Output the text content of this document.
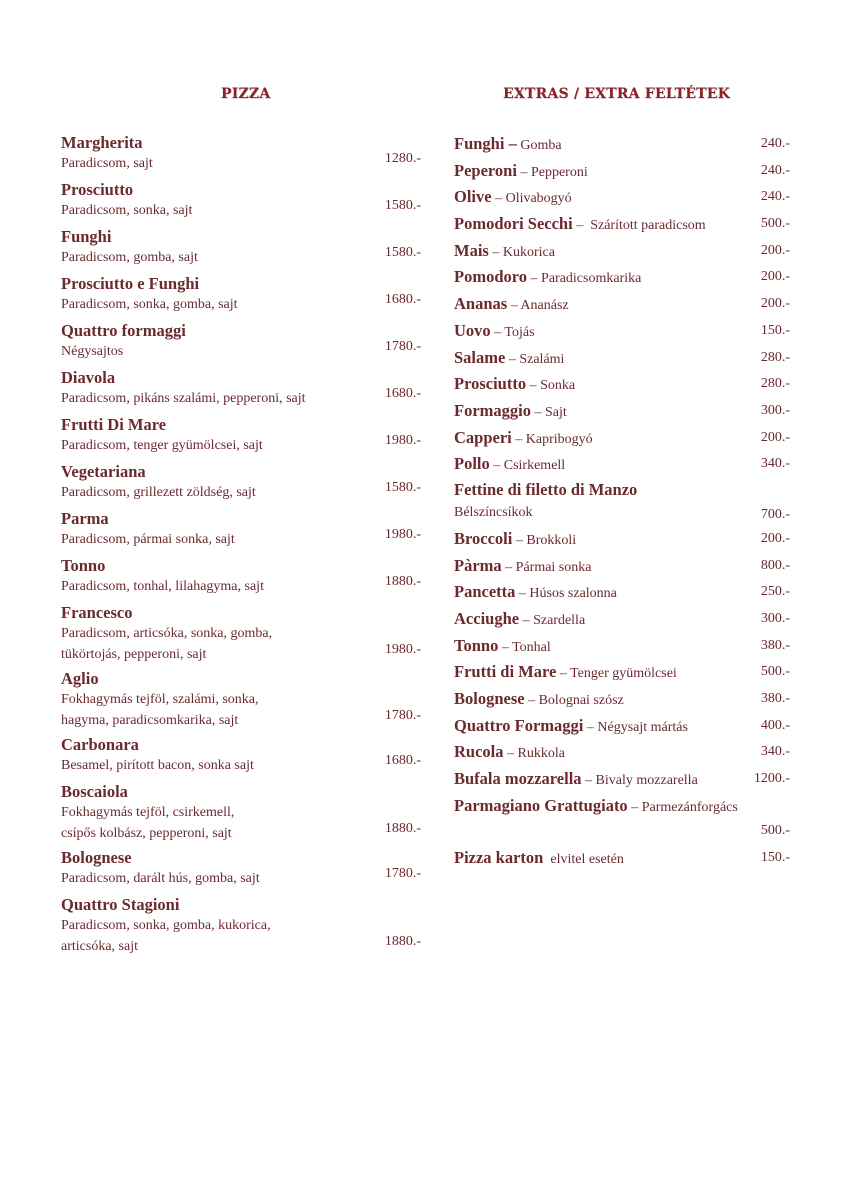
PIZZA	EXTRAS / EXTRA FELTÉTEK
Margherita
Paradicsom, sajt	1280.-
Prosciutto
Paradicsom, sonka, sajt	1580.-
Funghi
Paradicsom, gomba, sajt	1580.-
Prosciutto e Funghi
Paradicsom, sonka, gomba, sajt	1680.-
Quattro formaggi
Négysajtos	1780.-
Diavola
Paradicsom, pikáns szalámi, pepperoni, sajt	1680.-
Frutti Di Mare
Paradicsom, tenger gyümölcsei, sajt	1980.-
Vegetariana
Paradicsom, grillezett zöldség, sajt	1580.-
Parma
Paradicsom, pármai sonka, sajt	1980.-
Tonno
Paradicsom, tonhal, lilahagyma, sajt	1880.-
Francesco
Paradicsom, articsóka, sonka, gomba,
tükörtojás, pepperoni, sajt	1980.-
Aglio
Fokhagymás tejföl, szalámi, sonka,
hagyma, paradicsomkarika, sajt	1780.-
Carbonara
Besamel, pirított bacon, sonka sajt	1680.-
Boscaiola
Fokhagymás tejföl, csirkemell,
csípős kolbász, pepperoni, sajt	1880.-
Bolognese
Paradicsom, darált hús, gomba, sajt	1780.-
Quattro Stagioni
Paradicsom, sonka, gomba, kukorica,
articsóka, sajt	1880.-
Funghi – Gomba	240.-
Peperoni – Pepperoni	240.-
Olive – Olivabogyó	240.-
Pomodori Secchi –  Szárított paradicsom	500.-
Mais – Kukorica	200.-
Pomodoro – Paradicsomkarika	200.-
Ananas – Ananász	200.-
Uovo – Tojás	150.-
Salame – Szalámi	280.-
Prosciutto – Sonka	280.-
Formaggio – Sajt	300.-
Capperi – Kapribogyó	200.-
Pollo – Csirkemell	340.-
Fettine di filetto di Manzo
Bélszíncsíkok	700.-
Broccoli – Brokkoli	200.-
Pàrma – Pármai sonka	800.-
Pancetta – Húsos szalonna	250.-
Acciughe – Szardella	300.-
Tonno – Tonhal	380.-
Frutti di Mare – Tenger gyümölcsei	500.-
Bolognese – Bolognai szósz	380.-
Quattro Formaggi – Négysajt mártás	400.-
Rucola – Rukkola	340.-
Bufala mozzarella – Bivaly mozzarella	1200.-
Parmagiano Grattugiato – Parmezánforgács
500.-
Pizza karton  elvitel esetén	150.-
